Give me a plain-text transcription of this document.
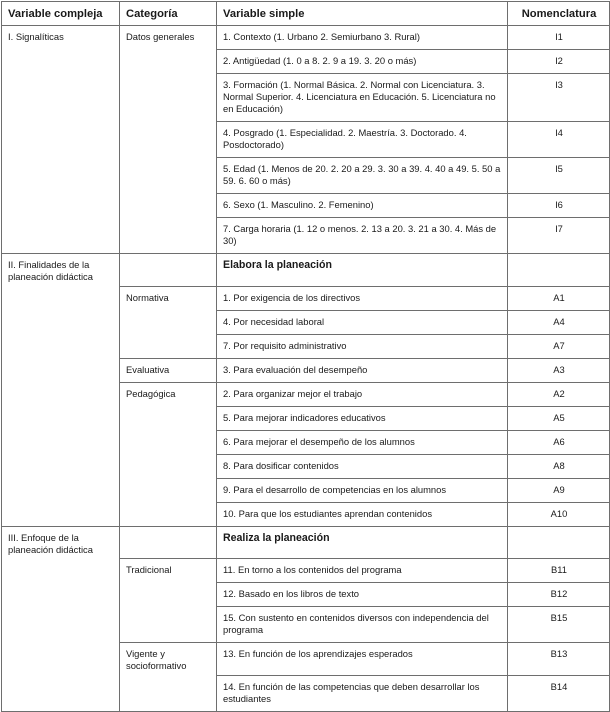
Variable compleja	Categoría	Variable simple	Nomenclatura
I. Signalíticas	Datos generales	1. Contexto (1. Urbano 2. Semiurbano 3. Rural)	I1
		2. Antigüedad (1. 0 a 8. 2. 9 a 19. 3. 20 o más)	I2
		3. Formación (1. Normal Básica. 2. Normal con Licenciatura. 3. Normal Superior. 4. Licenciatura en Educación. 5. Licenciatura no en Educación)	I3
		4. Posgrado (1. Especialidad. 2. Maestría. 3. Doctorado. 4. Posdoctorado)	I4
		5. Edad (1. Menos de 20. 2. 20 a 29. 3. 30 a 39. 4. 40 a 49. 5. 50 a 59. 6. 60 o más)	I5
		6. Sexo (1. Masculino. 2. Femenino)	I6
		7. Carga horaria (1. 12 o menos. 2. 13 a 20. 3. 21 a 30. 4. Más de 30)	I7
II. Finalidades de la planeación didáctica		Elabora la planeación	
	Normativa	1. Por exigencia de los directivos	A1
		4. Por necesidad laboral	A4
		7. Por requisito administrativo	A7
	Evaluativa	3. Para evaluación del desempeño	A3
	Pedagógica	2. Para organizar mejor el trabajo	A2
		5. Para mejorar indicadores educativos	A5
		6. Para mejorar el desempeño de los alumnos	A6
		8. Para dosificar contenidos	A8
		9. Para el desarrollo de competencias en los alumnos	A9
		10. Para que los estudiantes aprendan contenidos	A10
III. Enfoque de la planeación didáctica		Realiza la planeación	
	Tradicional	11. En torno a los contenidos del programa	B11
		12. Basado en los libros de texto	B12
		15. Con sustento en contenidos diversos con independencia del programa	B15
	Vigente y socioformativo	13. En función de los aprendizajes esperados	B13
		14. En función de las competencias que deben desarrollar los estudiantes	B14
